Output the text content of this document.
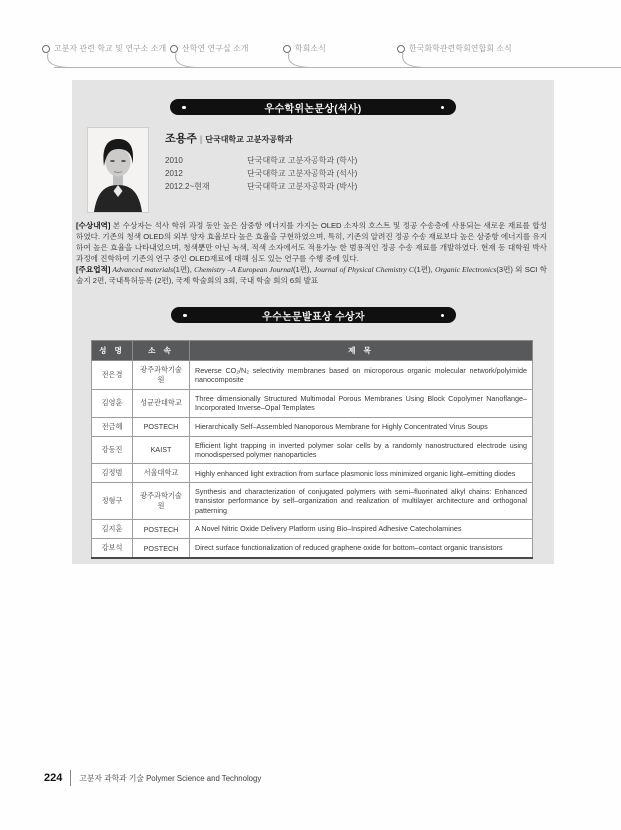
고분자 관련 학교 및 연구소 소개 산학연 연구실 소개	학회소식	한국화학관련학회연합회 소식
우수학위논문상(석사)
조용주 | 단국대학교 고분자공학과
2010	단국대학교 고분자공학과 (학사)
2012	단국대학교 고분자공학과 (석사)
2012.2~현재	단국대학교 고분자공학과 (박사)

[수상내역] 본 수상자는 석사 학위 과정 동안 높은 삼중항 에너지를 가지는 OLED 소자의 호스트 및 정공 수송층에 사용되는 새로운 재료를 합성하였다. 기존의 청색 OLED의 외부 양자 효율보다 높은 효율을 구현하였으며, 특히, 기존의 알려진 정공 수송 재료보다 높은 삼중항 에너지를 유지하여 높은 효율을 나타내었으며, 청색뿐만 아닌 녹색, 적색 소자에서도 적용가능 한 범용적인 정공 수송 재료를 개발하였다. 현재 동 대학원 박사 과정에 진학하여 기존의 연구 중인 OLED재료에 대해 심도 있는 연구를 수행 중에 있다.

[주요업적] Advanced materials(1편), Chemistry –A European Journal(1편), Journal of Physical Chemistry C(1편), Organic Electronics(3편) 외 SCI 학술지 2편, 국내특허등록 (2편), 국제 학술회의 3회, 국내 학술 회의 6회 발표

우수논문발표상 수상자
성 명	소 속	제 목
전은경	광주과학기술원	Reverse CO₂/N₂ selectivity membranes based on microporous organic molecular network/polyimide nanocomposite
김영훈	성균관대학교	Three dimensionally Structured Multimodal Porous Membranes Using Block Copolymer Nanoflange–Incorporated Inverse–Opal Templates
전금혜	POSTECH	Hierarchically Self–Assembled Nanoporous Membrane for Highly Concentrated Virus Soups
강동진	KAIST	Efficient light trapping in inverted polymer solar cells by a randomly nanostructured electrode using monodispersed polymer nanoparticles
김정범	서울대학교	Highly enhanced light extraction from surface plasmonic loss minimized organic light–emitting diodes
정형구	광주과학기술원	Synthesis and characterization of conjugated polymers with semi–fluorinated alkyl chains: Enhanced transistor performance by self–organization and realization of multilayer architecture and orthogonal patterning
김지훈	POSTECH	A Novel Nitric Oxide Delivery Platform using Bio–Inspired Adhesive Catecholamines
강보석	POSTECH	Direct surface functionalization of reduced graphene oxide for bottom–contact organic transistors
224 고분자 과학과 기술 Polymer Science and Technology
